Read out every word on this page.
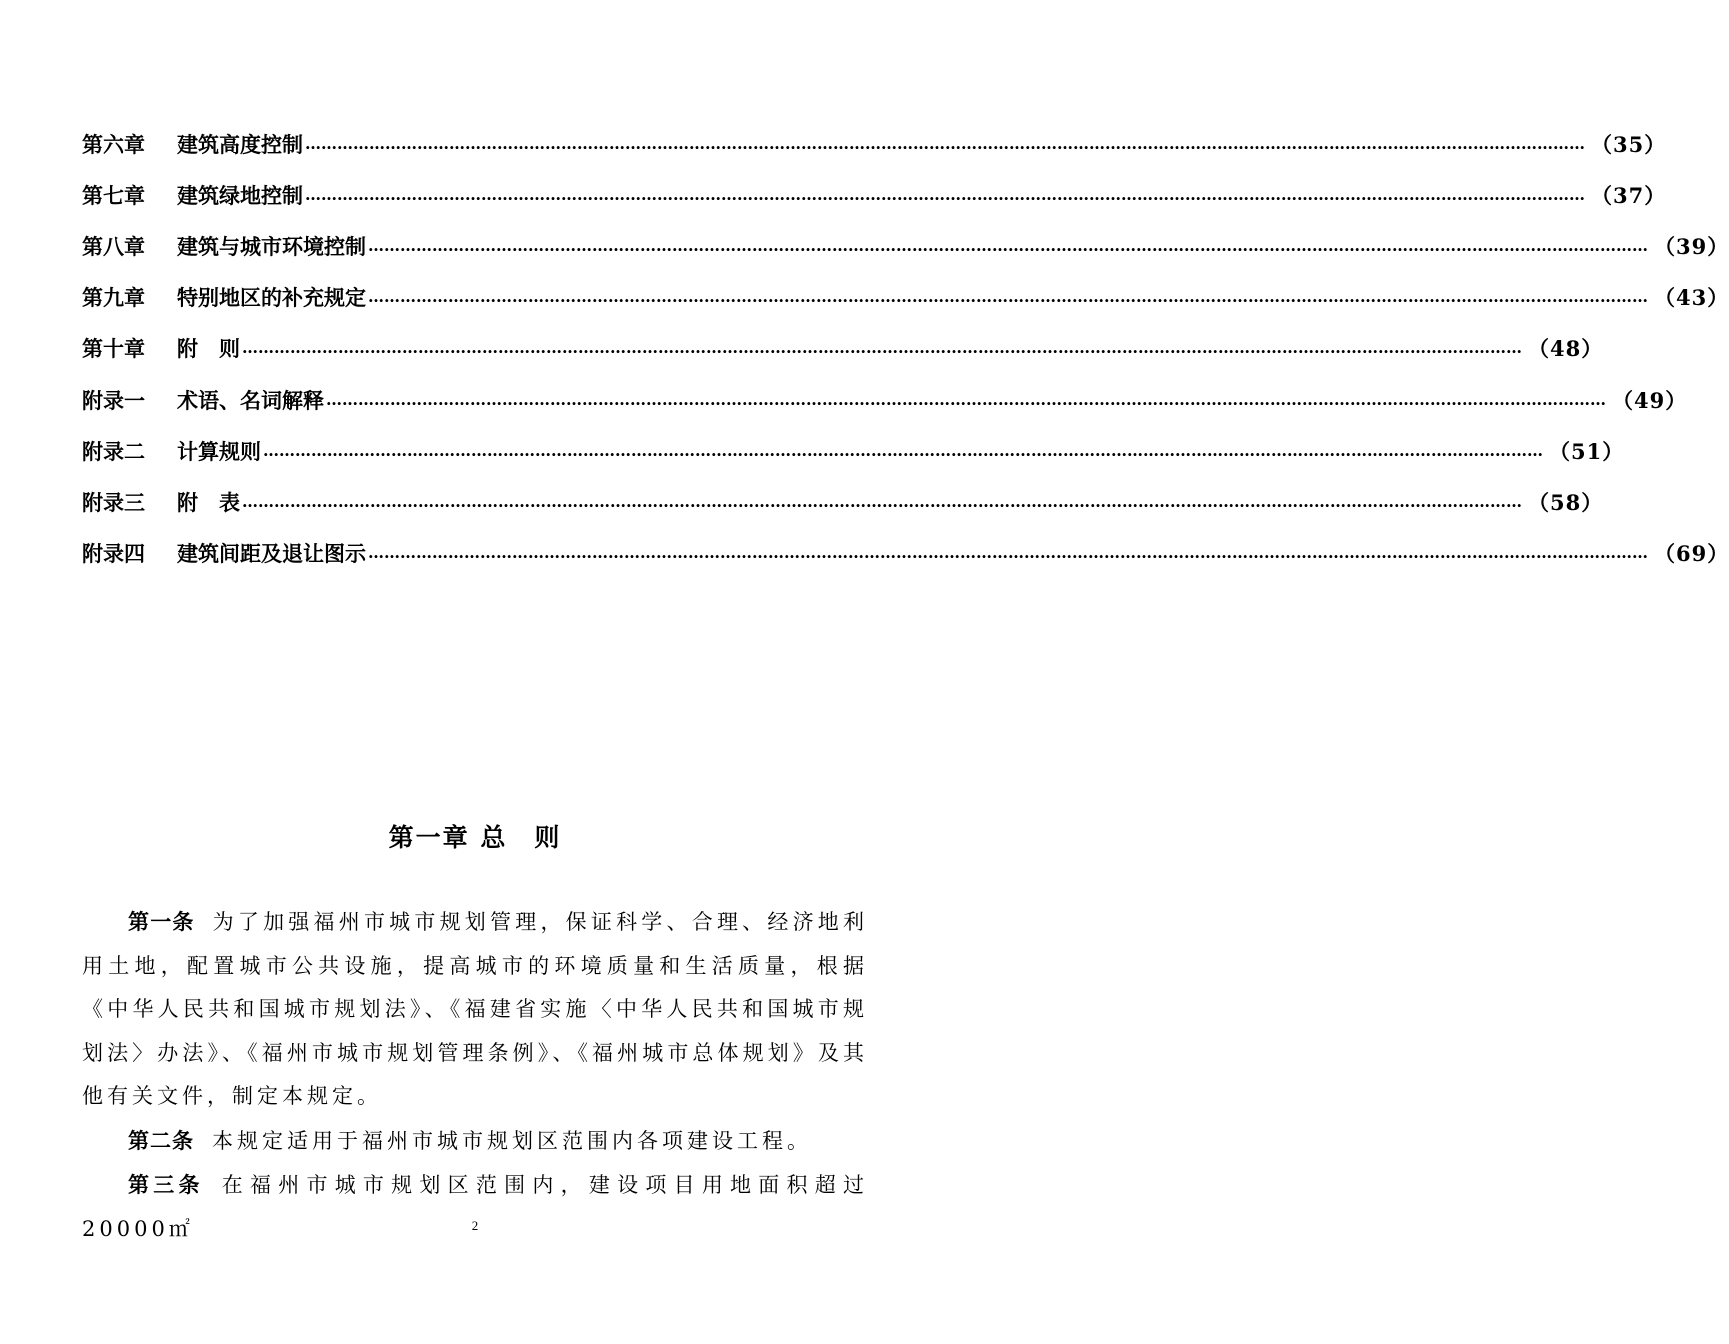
第六章	建筑高度控制 …………………………………………………………………………………………………………………………………………………………………………………………………………………… （35）
第七章	建筑绿地控制 …………………………………………………………………………………………………………………………………………………………………………………………………………………… （37）
第八章	建筑与城市环境控制 …………………………………………………………………………………………………………………………………………………………………………………………………………………… （39）
第九章	特别地区的补充规定 …………………………………………………………………………………………………………………………………………………………………………………………………………………… （43）
第十章	附　则 …………………………………………………………………………………………………………………………………………………………………………………………………………………… （48）
附录一	术语、名词解释 …………………………………………………………………………………………………………………………………………………………………………………………………………………… （49）
附录二	计算规则 …………………………………………………………………………………………………………………………………………………………………………………………………………………… （51）
附录三	附　表 …………………………………………………………………………………………………………………………………………………………………………………………………………………… （58）
附录四	建筑间距及退让图示 …………………………………………………………………………………………………………………………………………………………………………………………………………………… （69）
第一章 总　则

第一条 为了加强福州市城市规划管理，保证科学、合理、经济地利用土地，配置城市公共设施，提高城市的环境质量和生活质量，根据《中华人民共和国城市规划法》、《福建省实施〈中华人民共和国城市规划法〉办法》、《福州市城市规划管理条例》、《福州城市总体规划》及其他有关文件，制定本规定。

第二条 本规定适用于福州市城市规划区范围内各项建设工程。

第三条 在福州市城市规划区范围内，建设项目用地面积超过20000㎡	2
